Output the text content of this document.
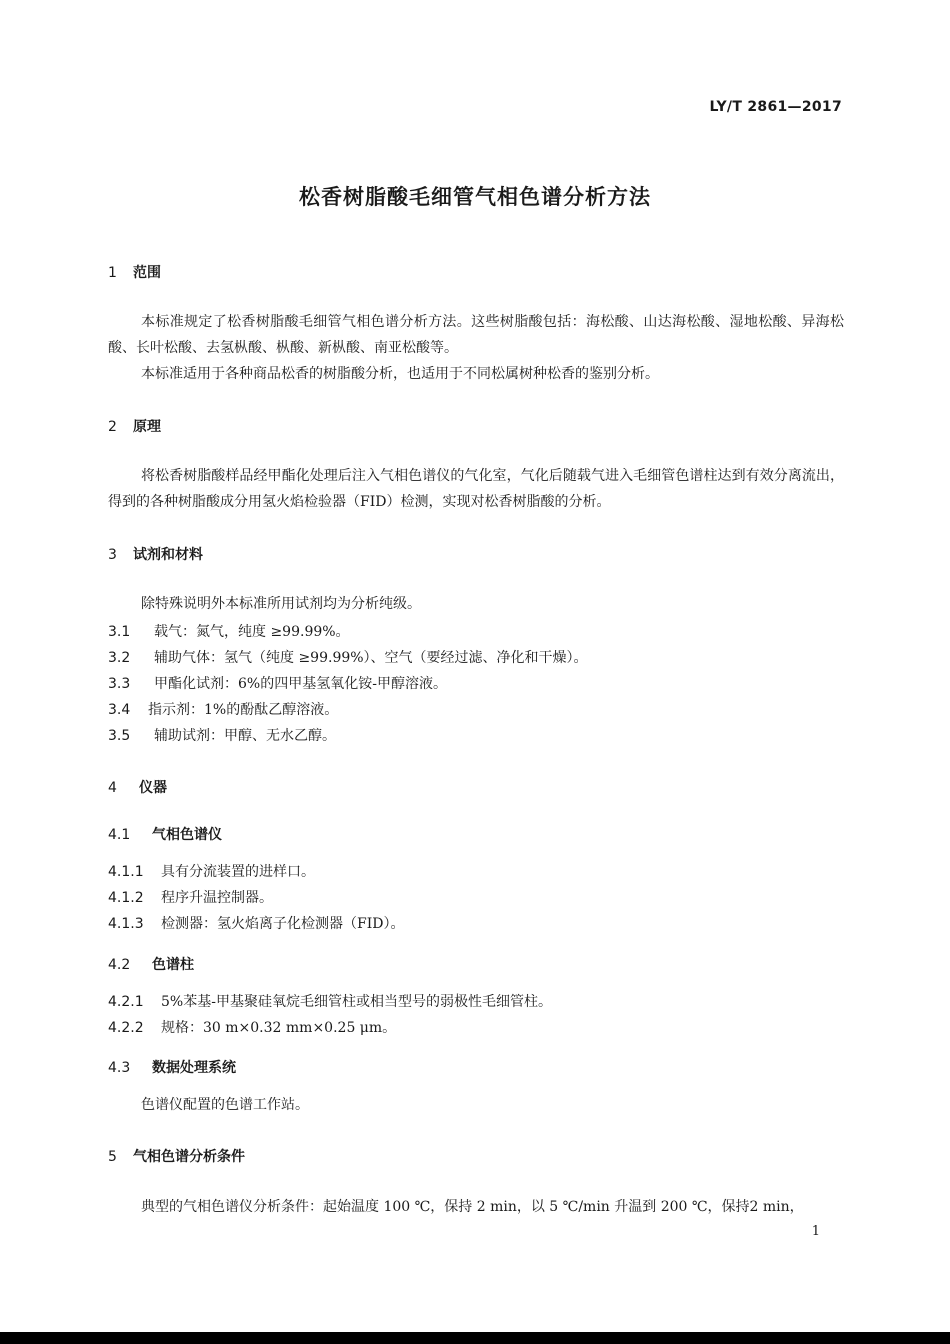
LY/T 2861—2017
松香树脂酸毛细管气相色谱分析方法
1 范围
本标准规定了松香树脂酸毛细管气相色谱分析方法。这些树脂酸包括：海松酸、山达海松酸、湿地松酸、异海松酸、长叶松酸、去氢枞酸、枞酸、新枞酸、南亚松酸等。
本标准适用于各种商品松香的树脂酸分析，也适用于不同松属树种松香的鉴别分析。
2 原理
将松香树脂酸样品经甲酯化处理后注入气相色谱仪的气化室，气化后随载气进入毛细管色谱柱达到有效分离流出，得到的各种树脂酸成分用氢火焰检验器（FID）检测，实现对松香树脂酸的分析。
3 试剂和材料
除特殊说明外本标准所用试剂均为分析纯级。
3.1 载气：氮气，纯度 ≥99.99%。
3.2 辅助气体：氢气（纯度 ≥99.99%）、空气（要经过滤、净化和干燥）。
3.3 甲酯化试剂：6%的四甲基氢氧化铵-甲醇溶液。
3.4 指示剂：1%的酚酞乙醇溶液。
3.5 辅助试剂：甲醇、无水乙醇。
4 仪器
4.1 气相色谱仪
4.1.1 具有分流装置的进样口。
4.1.2 程序升温控制器。
4.1.3 检测器：氢火焰离子化检测器（FID）。
4.2 色谱柱
4.2.1 5%苯基-甲基聚硅氧烷毛细管柱或相当型号的弱极性毛细管柱。
4.2.2 规格：30 m×0.32 mm×0.25 μm。
4.3 数据处理系统
色谱仪配置的色谱工作站。
5 气相色谱分析条件
典型的气相色谱仪分析条件：起始温度 100 ℃，保持 2 min，以 5 ℃/min 升温到 200 ℃，保持2 min，
1
